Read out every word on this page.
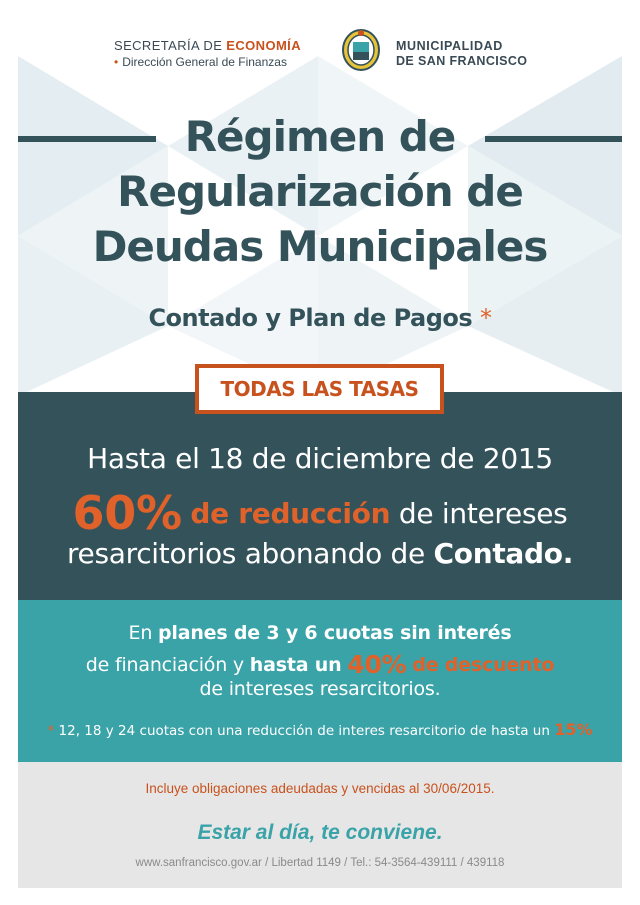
SECRETARÍA DE ECONOMÍA
• Dirección General de Finanzas
MUNICIPALIDAD
DE SAN FRANCISCO
Régimen de
Regularización de
Deudas Municipales
Contado y Plan de Pagos *
TODAS LAS TASAS
Hasta el 18 de diciembre de 2015
60% de reducción de intereses
resarcitorios abonando de Contado.
En planes de 3 y 6 cuotas sin interés
de financiación y hasta un 40% de descuento
de intereses resarcitorios.
* 12, 18 y 24 cuotas con una reducción de interes resarcitorio de hasta un 15%
Incluye obligaciones adeudadas y vencidas al 30/06/2015.
Estar al día, te conviene.
www.sanfrancisco.gov.ar / Libertad 1149 / Tel.: 54-3564-439111 / 439118
